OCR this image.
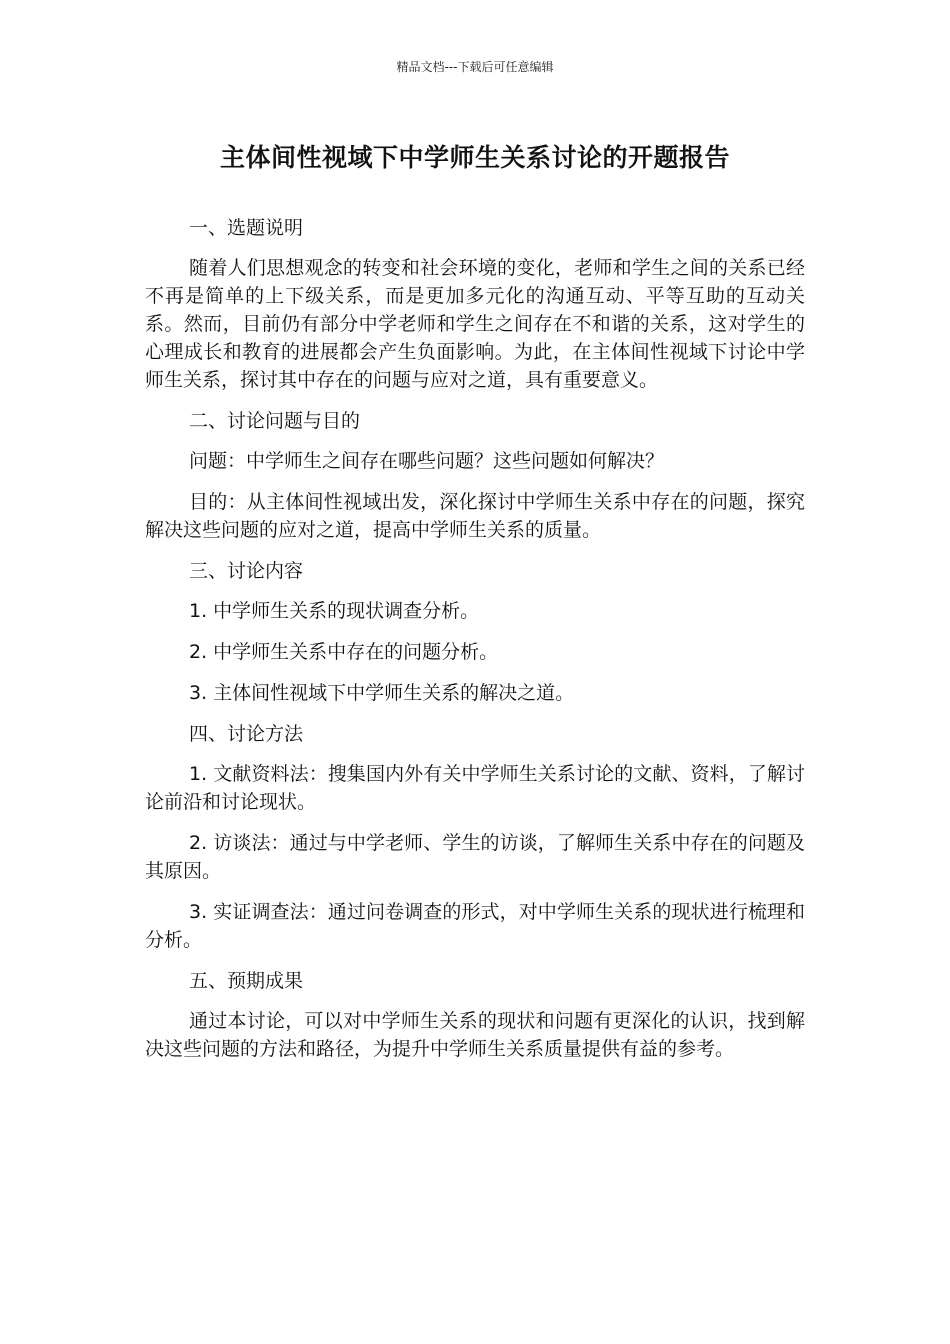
精品文档---下载后可任意编辑
主体间性视域下中学师生关系讨论的开题报告

一、选题说明

随着人们思想观念的转变和社会环境的变化，老师和学生之间的关系已经不再是简单的上下级关系，而是更加多元化的沟通互动、平等互助的互动关系。然而，目前仍有部分中学老师和学生之间存在不和谐的关系，这对学生的心理成长和教育的进展都会产生负面影响。为此，在主体间性视域下讨论中学师生关系，探讨其中存在的问题与应对之道，具有重要意义。

二、讨论问题与目的

问题：中学师生之间存在哪些问题？这些问题如何解决？

目的：从主体间性视域出发，深化探讨中学师生关系中存在的问题，探究解决这些问题的应对之道，提高中学师生关系的质量。

三、讨论内容

1. 中学师生关系的现状调查分析。

2. 中学师生关系中存在的问题分析。

3. 主体间性视域下中学师生关系的解决之道。

四、讨论方法

1. 文献资料法：搜集国内外有关中学师生关系讨论的文献、资料，了解讨论前沿和讨论现状。

2. 访谈法：通过与中学老师、学生的访谈，了解师生关系中存在的问题及其原因。

3. 实证调查法：通过问卷调查的形式，对中学师生关系的现状进行梳理和分析。

五、预期成果

通过本讨论，可以对中学师生关系的现状和问题有更深化的认识，找到解决这些问题的方法和路径，为提升中学师生关系质量提供有益的参考。
